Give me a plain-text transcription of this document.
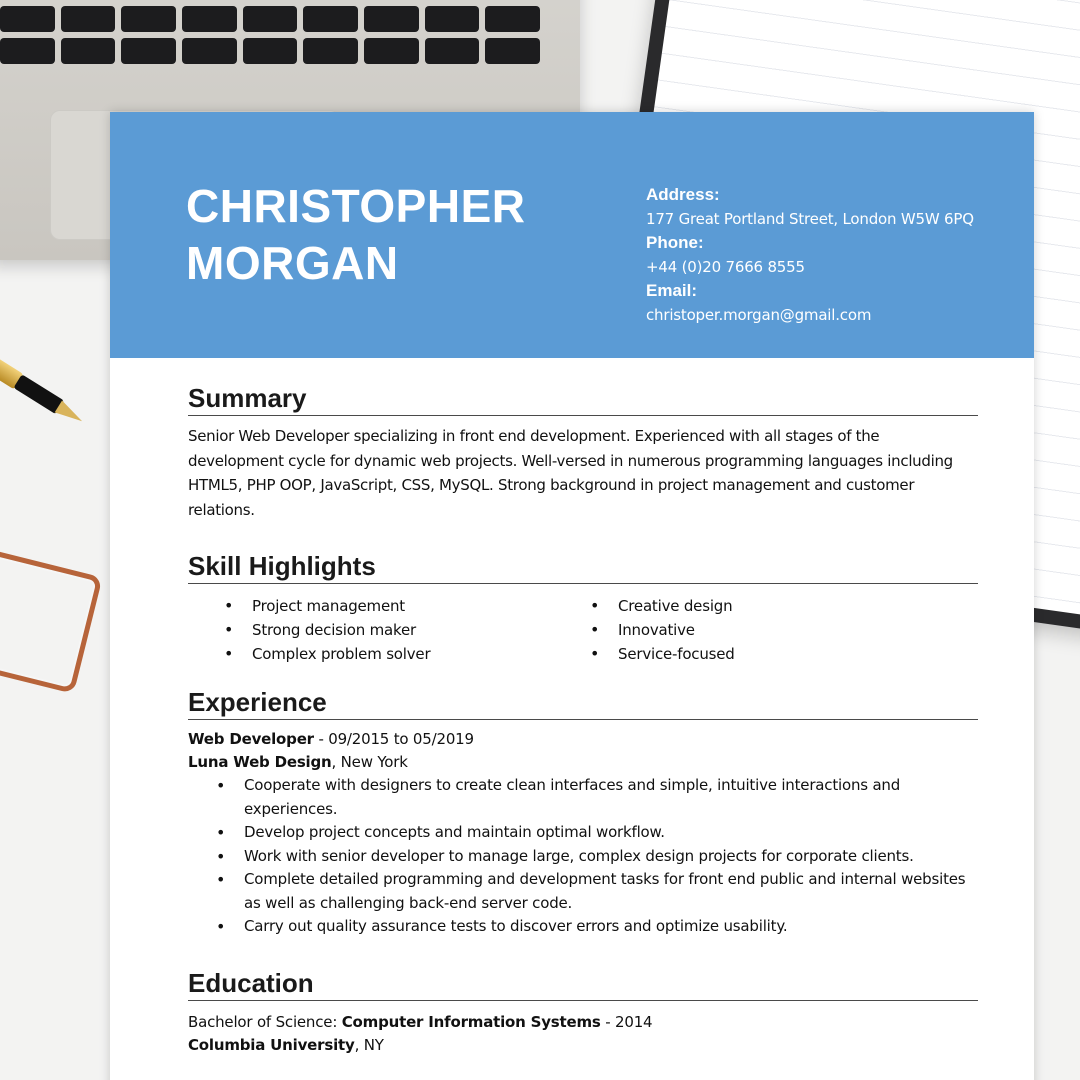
CHRISTOPHER
MORGAN
Address:
177 Great Portland Street, London W5W 6PQ
Phone:
+44 (0)20 7666 8555
Email:
christoper.morgan@gmail.com
Summary

Senior Web Developer specializing in front end development. Experienced with all stages of the development cycle for dynamic web projects. Well-versed in numerous programming languages including HTML5, PHP OOP, JavaScript, CSS, MySQL. Strong background in project management and customer relations.

Skill Highlights
• Project management
• Strong decision maker
• Complex problem solver
• Creative design
• Innovative
• Service-focused
Experience
Web Developer - 09/2015 to 05/2019
Luna Web Design, New York
• Cooperate with designers to create clean interfaces and simple, intuitive interactions and experiences.
• Develop project concepts and maintain optimal workflow.
• Work with senior developer to manage large, complex design projects for corporate clients.
• Complete detailed programming and development tasks for front end public and internal websites as well as challenging back-end server code.
• Carry out quality assurance tests to discover errors and optimize usability.
Education
Bachelor of Science: Computer Information Systems - 2014
Columbia University, NY
